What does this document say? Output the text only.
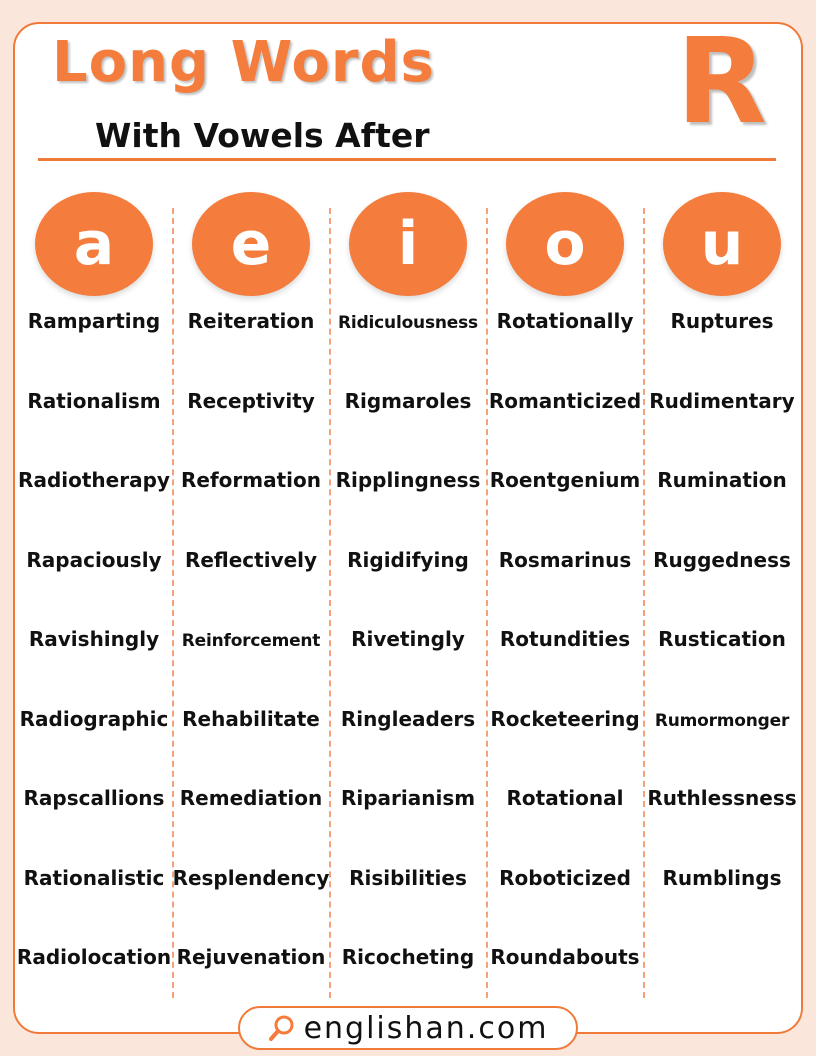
Long Words
With Vowels After R
a
Ramparting
Rationalism
Radiotherapy
Rapaciously
Ravishingly
Radiographic
Rapscallions
Rationalistic
Radiolocation
e
Reiteration
Receptivity
Reformation
Reflectively
Reinforcement
Rehabilitate
Remediation
Resplendency
Rejuvenation
i
Ridiculousness
Rigmaroles
Ripplingness
Rigidifying
Rivetingly
Ringleaders
Riparianism
Risibilities
Ricocheting
o
Rotationally
Romanticized
Roentgenium
Rosmarinus
Rotundities
Rocketeering
Rotational
Roboticized
Roundabouts
u
Ruptures
Rudimentary
Rumination
Ruggedness
Rustication
Rumormonger
Ruthlessness
Rumblings
englishan.com
